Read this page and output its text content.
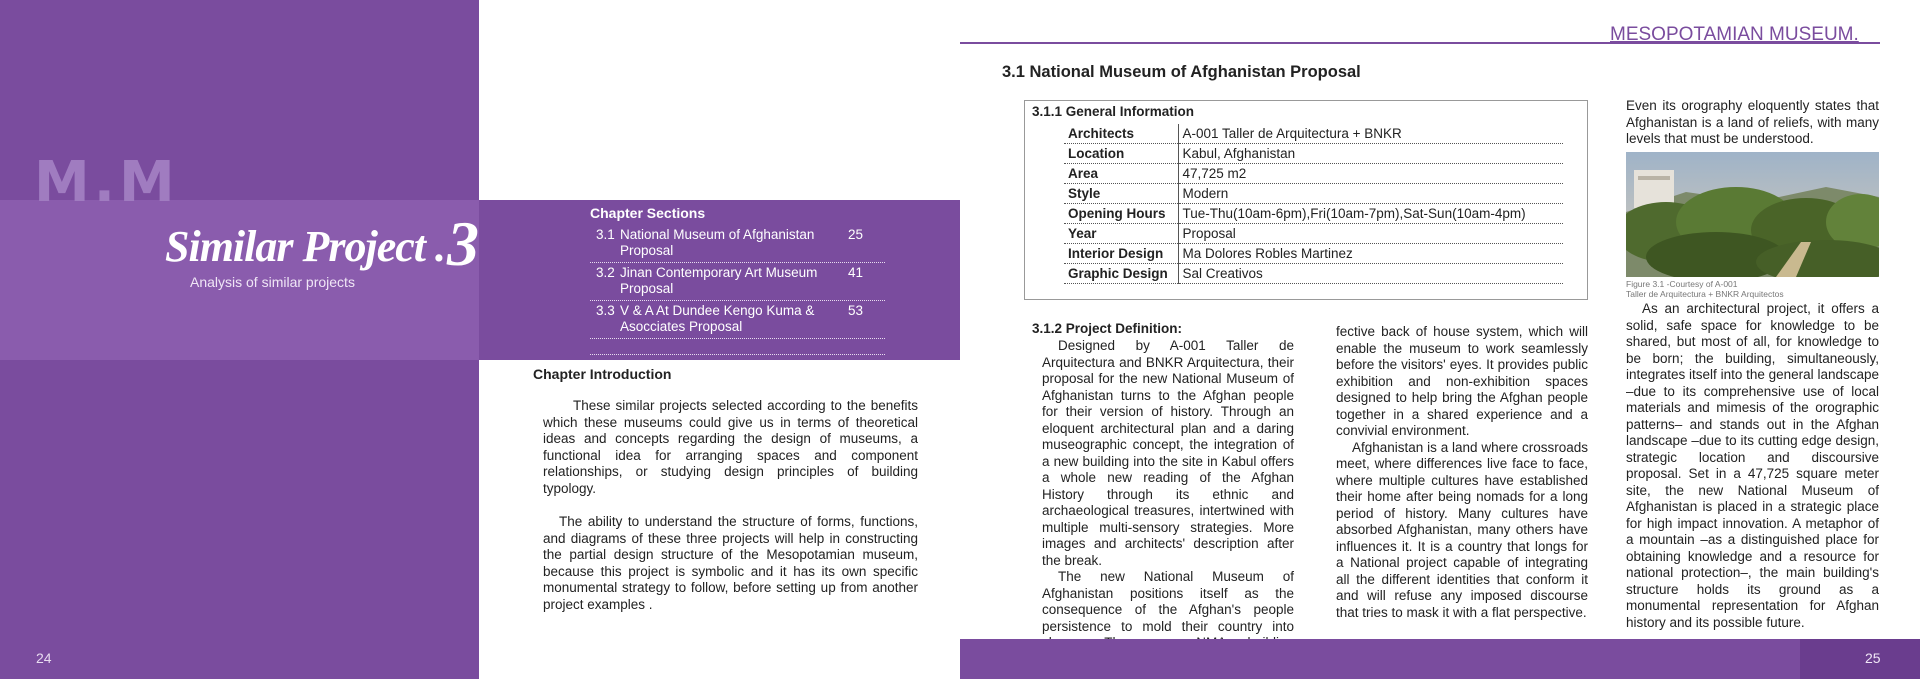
M.M
Similar Project .3
Analysis of similar projects
Chapter Sections
3.1 National Museum of Afghanistan Proposal
25
3.2 Jinan Contemporary Art Museum Proposal
41
3.3 V & A At Dundee Kengo Kuma & Asocciates Proposal
53
Chapter Introduction

These similar projects selected according to the benefits which these museums could give us in terms of theoretical ideas and concepts regarding the design of museums, a functional idea for arranging spaces and component relationships, or studying design principles of building typology.

The ability to understand the structure of forms, functions, and diagrams of these three projects will help in constructing the partial design structure of the Mesopotamian museum, because this project is symbolic and it has its own specific monumental strategy to follow, before setting up from another project examples .

24
MESOPOTAMIAN MUSEUM.
3.1 National Museum of Afghanistan Proposal
3.1.1 General Information
Architects	A-001 Taller de Arquitectura + BNKR
Location	Kabul, Afghanistan
Area	47,725 m2
Style	Modern
Opening Hours	Tue-Thu(10am-6pm),Fri(10am-7pm),Sat-Sun(10am-4pm)
Year	Proposal
Interior Design	Ma Dolores Robles Martinez
Graphic Design	Sal Creativos
3.1.2 Project Definition:

Designed by A-001 Taller de Arquitectura and BNKR Arquitectura, their proposal for the new National Museum of Afghanistan turns to the Afghan people for their version of history. Through an eloquent architectural plan and a daring museographic concept, the integration of a new building into the site in Kabul offers a whole new reading of the Afghan History through its ethnic and archaeological treasures, intertwined with multiple multi-sensory strategies. More images and architects' description after the break.

The new National Museum of Afghanistan positions itself as the consequence of the Afghan's people persistence to mold their country into

fective back of house system, which will enable the museum to work seamlessly before the visitors' eyes. It provides public exhibition and non-exhibition spaces designed to help bring the Afghan people together in a shared experience and a convivial environment.

Afghanistan is a land where crossroads meet, where differences live face to face, where multiple cultures have established their home after being nomads for a long period of history. Many cultures have absorbed Afghanistan, many others have influences it. It is a country that longs for a National project capable of integrating all the different identities that conform it and will refuse any imposed discourse that tries to mask it with a flat perspective.

Even its orography eloquently states that Afghanistan is a land of reliefs, with many levels that must be understood.

Figure 3.1 -Courtesy of A-001
Taller de Arquitectura + BNKR Arquitectos

As an architectural project, it offers a solid, safe space for knowledge to be shared, but most of all, for knowledge to be born; the building, simultaneously, integrates itself into the general landscape –due to its comprehensive use of local materials and mimesis of the orographic patterns– and stands out in the Afghan landscape –due to its cutting edge design, strategic location and discoursive proposal. Set in a 47,725 square meter site, the new National Museum of Afghanistan is placed in a strategic place for high impact innovation. A metaphor of a mountain –as a distinguished place for obtaining knowledge and a resource for national protection–, the main building's structure holds its ground as a monumental representation for Afghan history and its possible future.

25
